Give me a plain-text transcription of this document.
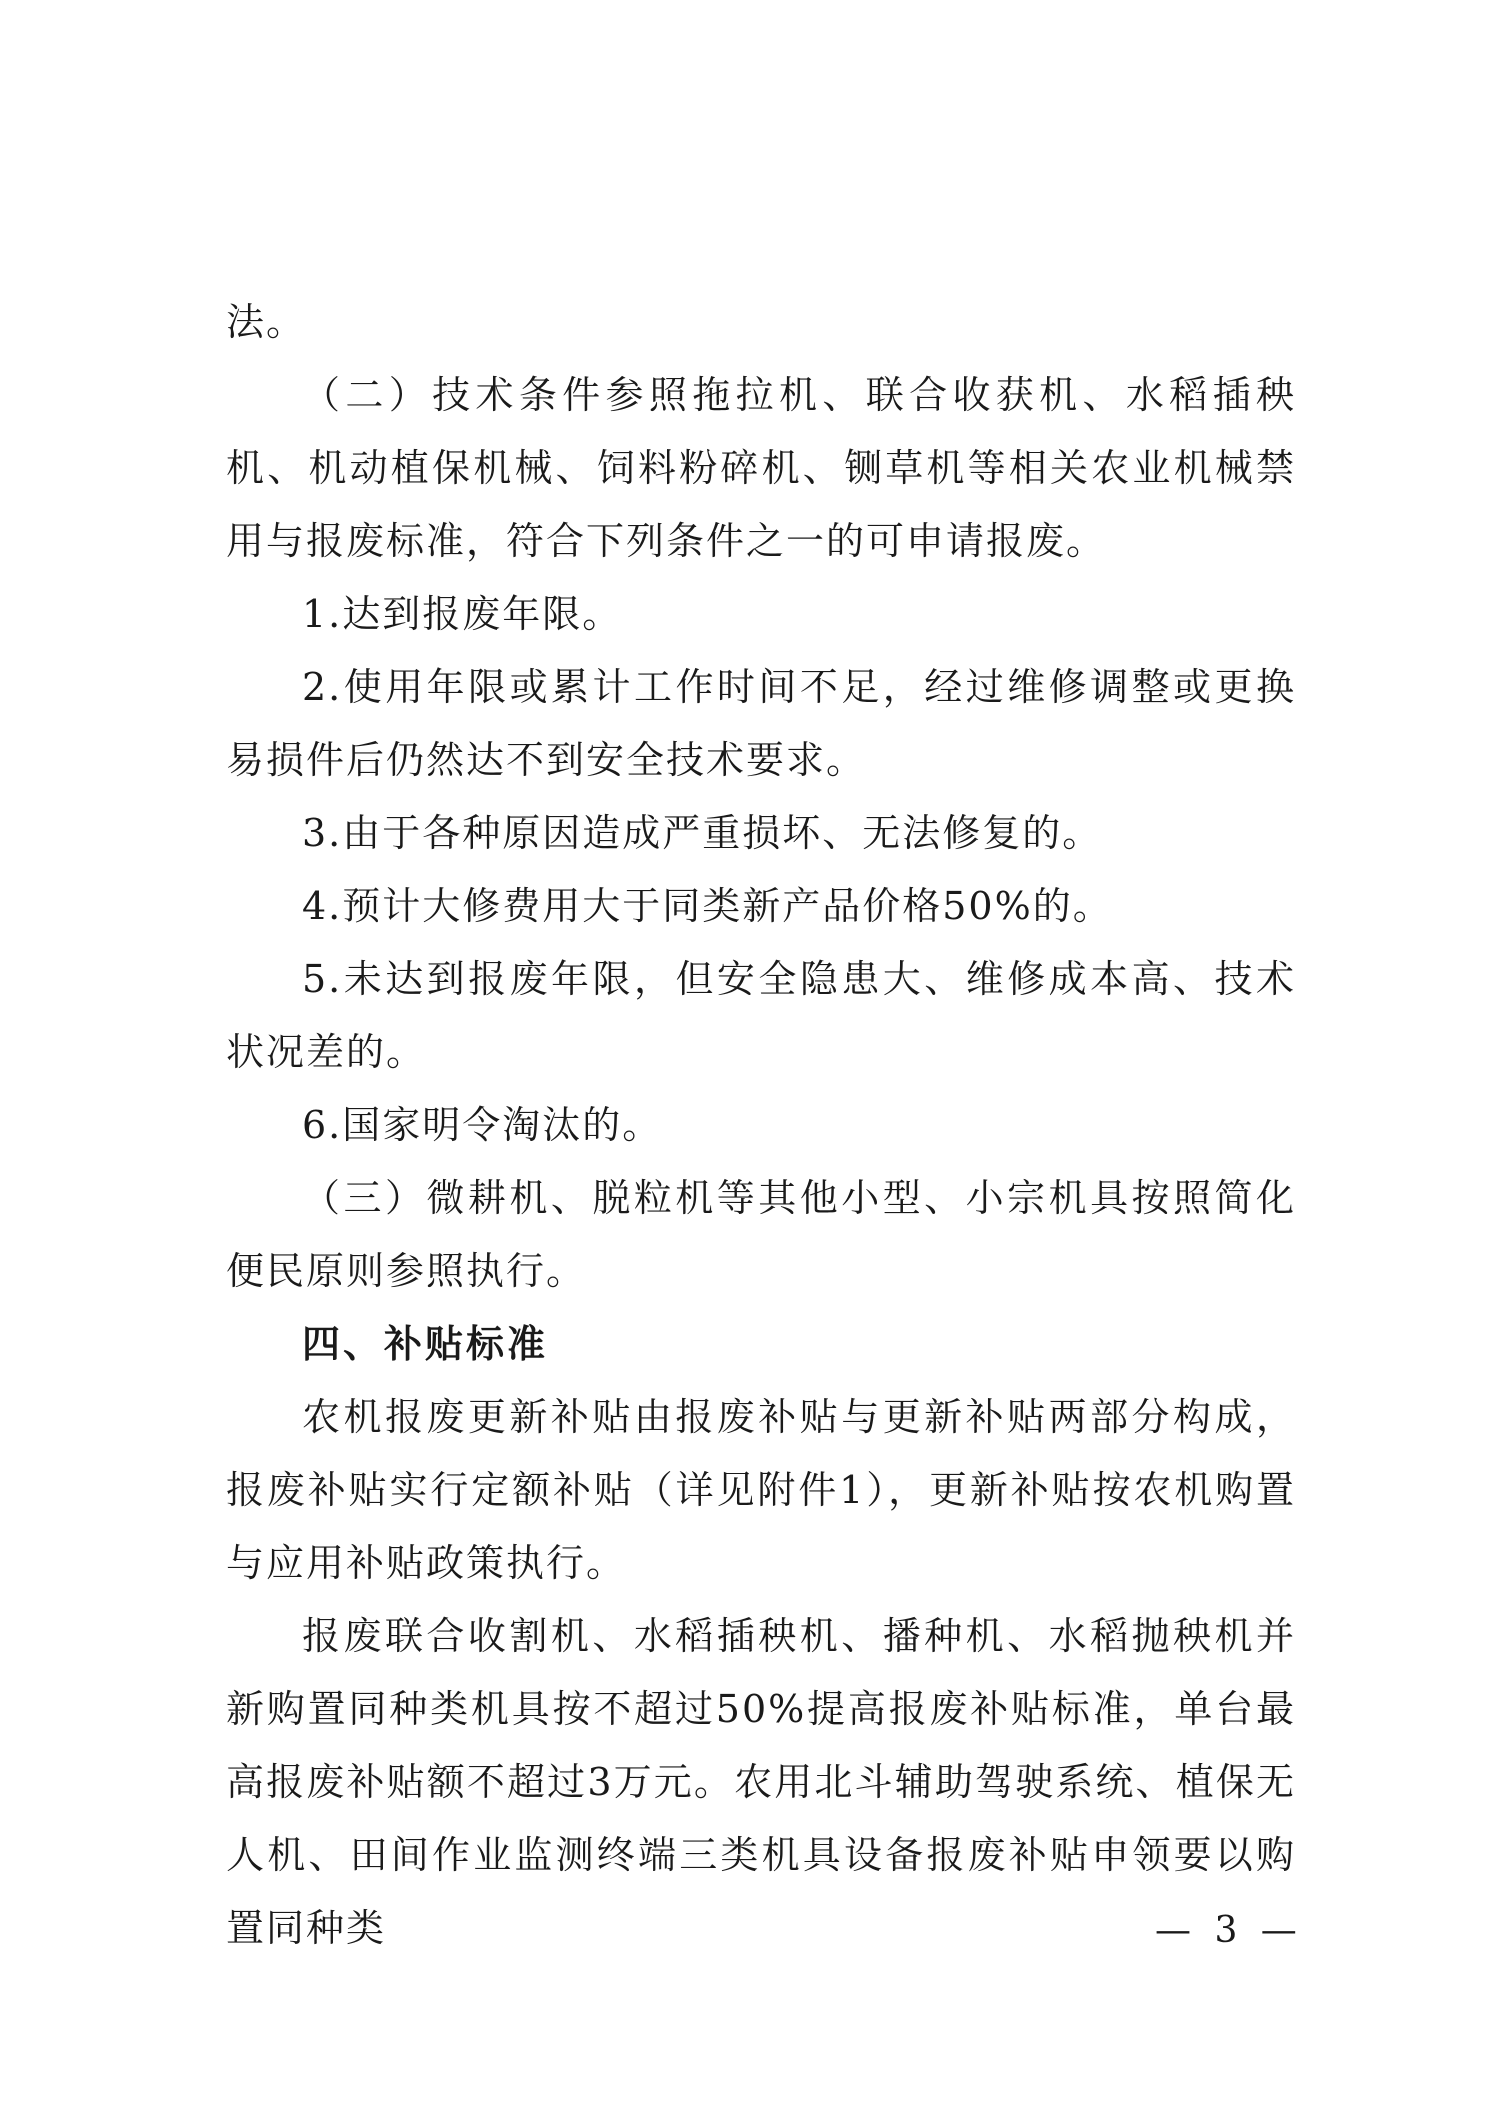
法。

（二）技术条件参照拖拉机、联合收获机、水稻插秧机、机动植保机械、饲料粉碎机、铡草机等相关农业机械禁用与报废标准，符合下列条件之一的可申请报废。

1.达到报废年限。

2.使用年限或累计工作时间不足，经过维修调整或更换易损件后仍然达不到安全技术要求。

3.由于各种原因造成严重损坏、无法修复的。

4.预计大修费用大于同类新产品价格50%的。

5.未达到报废年限，但安全隐患大、维修成本高、技术状况差的。

6.国家明令淘汰的。

（三）微耕机、脱粒机等其他小型、小宗机具按照简化便民原则参照执行。

四、补贴标准

农机报废更新补贴由报废补贴与更新补贴两部分构成，报废补贴实行定额补贴（详见附件1），更新补贴按农机购置与应用补贴政策执行。

报废联合收割机、水稻插秧机、播种机、水稻抛秧机并新购置同种类机具按不超过50%提高报废补贴标准，单台最高报废补贴额不超过3万元。农用北斗辅助驾驶系统、植保无人机、田间作业监测终端三类机具设备报废补贴申领要以购置同种类	— 3 —
